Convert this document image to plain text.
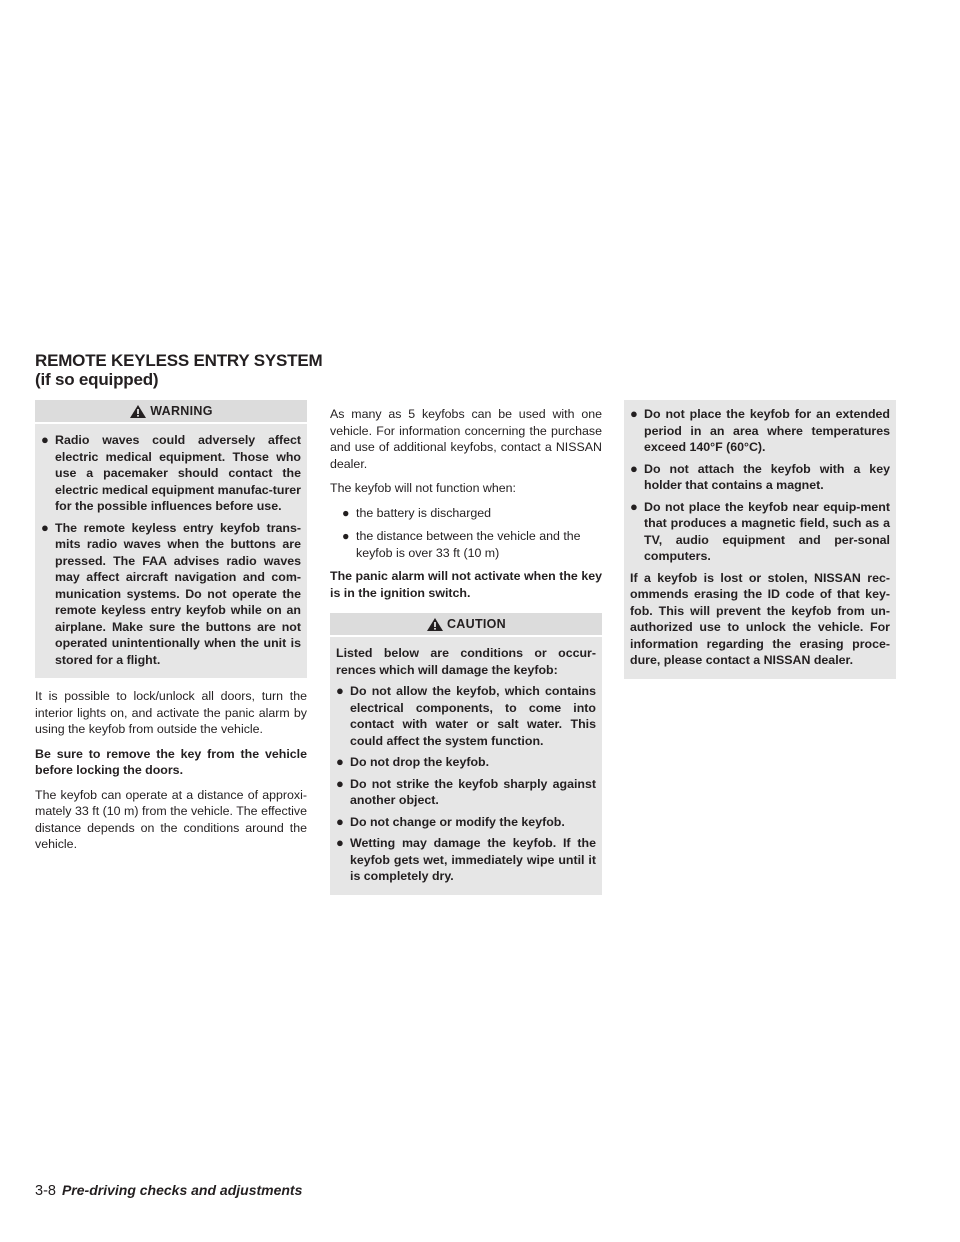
REMOTE KEYLESS ENTRY SYSTEM
(if so equipped)
WARNING
● Radio waves could adversely affect electric medical equipment. Those who use a pacemaker should contact the electric medical equipment manufac-turer for the possible influences before use.
● The remote keyless entry keyfob trans-mits radio waves when the buttons are pressed. The FAA advises radio waves may affect aircraft navigation and com-munication systems. Do not operate the remote keyless entry keyfob while on an airplane. Make sure the buttons are not operated unintentionally when the unit is stored for a flight.

It is possible to lock/unlock all doors, turn the interior lights on, and activate the panic alarm by using the keyfob from outside the vehicle.

Be sure to remove the key from the vehicle before locking the doors.

The keyfob can operate at a distance of approxi-mately 33 ft (10 m) from the vehicle. The effective distance depends on the conditions around the vehicle.

As many as 5 keyfobs can be used with one vehicle. For information concerning the purchase and use of additional keyfobs, contact a NISSAN dealer.

The keyfob will not function when:

● the battery is discharged
● the distance between the vehicle and the keyfob is over 33 ft (10 m)

The panic alarm will not activate when the key is in the ignition switch.

CAUTION
Listed below are conditions or occur-rences which will damage the keyfob:
● Do not allow the keyfob, which contains electrical components, to come into contact with water or salt water. This could affect the system function.
● Do not drop the keyfob.
● Do not strike the keyfob sharply against another object.
● Do not change or modify the keyfob.
● Wetting may damage the keyfob. If the keyfob gets wet, immediately wipe until it is completely dry.
● Do not place the keyfob for an extended period in an area where temperatures exceed 140°F (60°C).
● Do not attach the keyfob with a key holder that contains a magnet.
● Do not place the keyfob near equip-ment that produces a magnetic field, such as a TV, audio equipment and per-sonal computers.
If a keyfob is lost or stolen, NISSAN rec-ommends erasing the ID code of that key-fob. This will prevent the keyfob from un-authorized use to unlock the vehicle. For information regarding the erasing proce-dure, please contact a NISSAN dealer.
3-8 Pre-driving checks and adjustments
